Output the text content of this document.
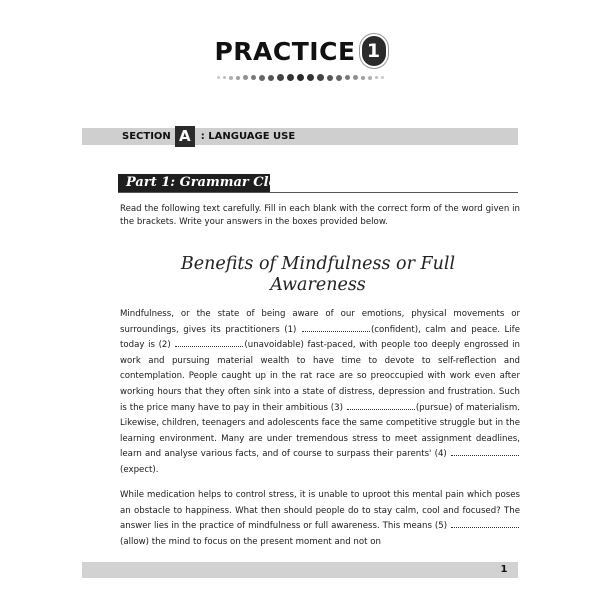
PRACTICE 1
SECTION A	: LANGUAGE USE
Part 1: Grammar Cloze
Read the following text carefully. Fill in each blank with the correct form of the word given in the brackets. Write your answers in the boxes provided below.
Benefits of Mindfulness or Full
Awareness
Mindfulness, or the state of being aware of our emotions, physical movements or surroundings, gives its practitioners (1)	(confident), calm and peace. Life today is (2)	(unavoidable) fast-paced, with people too deeply engrossed in work and pursuing material wealth to have time to devote to self-reflection and contemplation. People caught up in the rat race are so preoccupied with work even after working hours that they often sink into a state of distress, depression and frustration. Such is the price many have to pay in their ambitious (3)	(pursue) of materialism. Likewise, children, teenagers and adolescents face the same competitive struggle but in the learning environment. Many are under tremendous stress to meet assignment deadlines, learn and analyse various facts, and of course to surpass their parents' (4) (expect).
While medication helps to control stress, it is unable to uproot this mental pain which poses an obstacle to happiness. What then should people do to stay calm, cool and focused? The answer lies in the practice of mindfulness or full awareness. This means (5) (allow) the mind to focus on the present moment and not on
1
